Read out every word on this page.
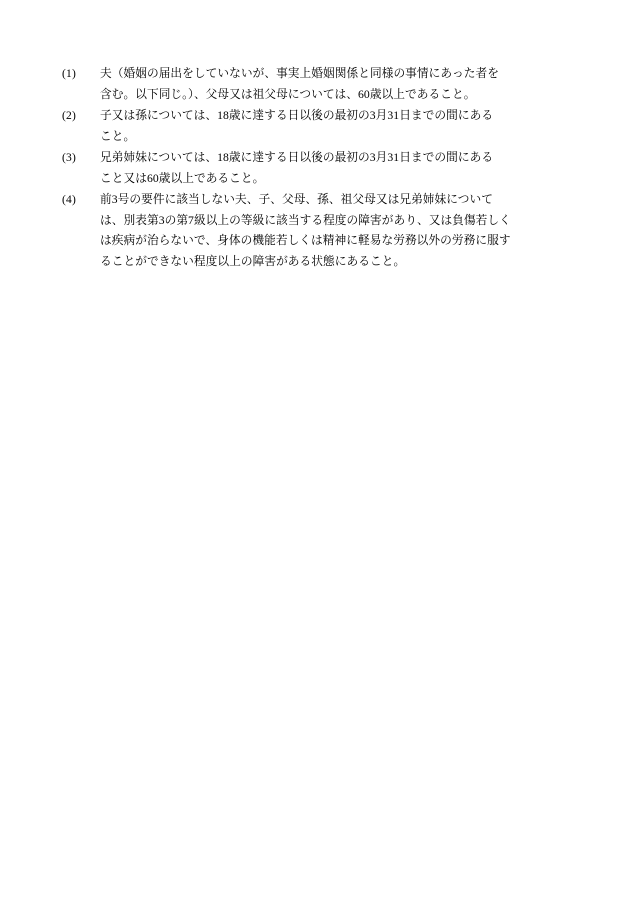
(1)	夫（婚姻の届出をしていないが、事実上婚姻関係と同様の事情にあった者を
含む。以下同じ。）、父母又は祖父母については、60歳以上であること。
(2)	子又は孫については、18歳に達する日以後の最初の3月31日までの間にある
こと。
(3)	兄弟姉妹については、18歳に達する日以後の最初の3月31日までの間にある
こと又は60歳以上であること。
(4)	前3号の要件に該当しない夫、子、父母、孫、祖父母又は兄弟姉妹について
は、別表第3の第7級以上の等級に該当する程度の障害があり、又は負傷若しく
は疾病が治らないで、身体の機能若しくは精神に軽易な労務以外の労務に服す
ることができない程度以上の障害がある状態にあること。
